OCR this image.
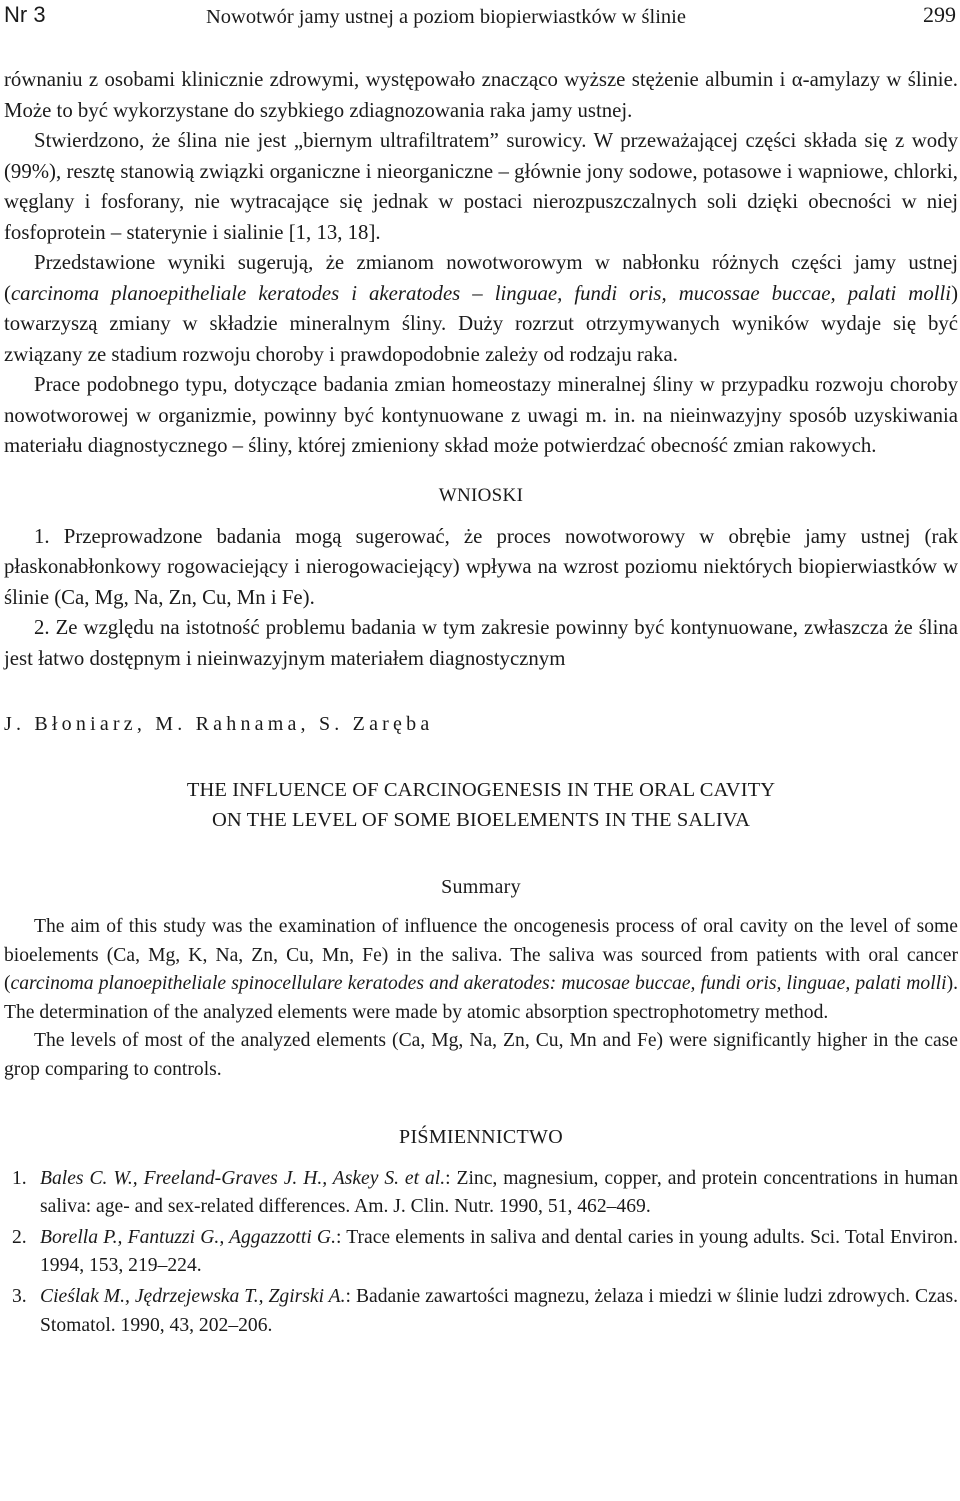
Nr 3	Nowotwór jamy ustnej a poziom biopierwiastków w ślinie	299

równaniu z osobami klinicznie zdrowymi, występowało znacząco wyższe stężenie albumin i α-amylazy w ślinie. Może to być wykorzystane do szybkiego zdiagnozowania raka jamy ustnej.

Stwierdzono, że ślina nie jest „biernym ultrafiltratem” surowicy. W przeważającej części składa się z wody (99%), resztę stanowią związki organiczne i nieorganiczne – głównie jony sodowe, potasowe i wapniowe, chlorki, węglany i fosforany, nie wytracające się jednak w postaci nierozpuszczalnych soli dzięki obecności w niej fosfoprotein – staterynie i sialinie [1, 13, 18].

Przedstawione wyniki sugerują, że zmianom nowotworowym w nabłonku różnych części jamy ustnej (carcinoma planoepitheliale keratodes i akeratodes – linguae, fundi oris, mucossae buccae, palati molli) towarzyszą zmiany w składzie mineralnym śliny. Duży rozrzut otrzymywanych wyników wydaje się być związany ze stadium rozwoju choroby i prawdopodobnie zależy od rodzaju raka.

Prace podobnego typu, dotyczące badania zmian homeostazy mineralnej śliny w przypadku rozwoju choroby nowotworowej w organizmie, powinny być kontynuowane z uwagi m. in. na nieinwazyjny sposób uzyskiwania materiału diagnostycznego – śliny, której zmieniony skład może potwierdzać obecność zmian rakowych.

WNIOSKI

1. Przeprowadzone badania mogą sugerować, że proces nowotworowy w obrębie jamy ustnej (rak płaskonabłonkowy rogowaciejący i nierogowaciejący) wpływa na wzrost poziomu niektórych biopierwiastków w ślinie (Ca, Mg, Na, Zn, Cu, Mn i Fe).

2. Ze względu na istotność problemu badania w tym zakresie powinny być kontynuowane, zwłaszcza że ślina jest łatwo dostępnym i nieinwazyjnym materiałem diagnostycznym

J. Błoniarz, M. Rahnama, S. Zaręba
THE INFLUENCE OF CARCINOGENESIS IN THE ORAL CAVITY
ON THE LEVEL OF SOME BIOELEMENTS IN THE SALIVA
Summary

The aim of this study was the examination of influence the oncogenesis process of oral cavity on the level of some bioelements (Ca, Mg, K, Na, Zn, Cu, Mn, Fe) in the saliva. The saliva was sourced from patients with oral cancer (carcinoma planoepitheliale spinocellulare keratodes and akeratodes: mucosae buccae, fundi oris, linguae, palati molli). The determination of the analyzed elements were made by atomic absorption spectrophotometry method.

The levels of most of the analyzed elements (Ca, Mg, Na, Zn, Cu, Mn and Fe) were significantly higher in the case grop comparing to controls.

PIŚMIENNICTWO
1. Bales C. W., Freeland-Graves J. H., Askey S. et al.: Zinc, magnesium, copper, and protein concentrations in human saliva: age- and sex-related differences. Am. J. Clin. Nutr. 1990, 51, 462–469.
2. Borella P., Fantuzzi G., Aggazzotti G.: Trace elements in saliva and dental caries in young adults. Sci. Total Environ. 1994, 153, 219–224.
3. Cieślak M., Jędrzejewska T., Zgirski A.: Badanie zawartości magnezu, żelaza i miedzi w ślinie ludzi zdrowych. Czas. Stomatol. 1990, 43, 202–206.
